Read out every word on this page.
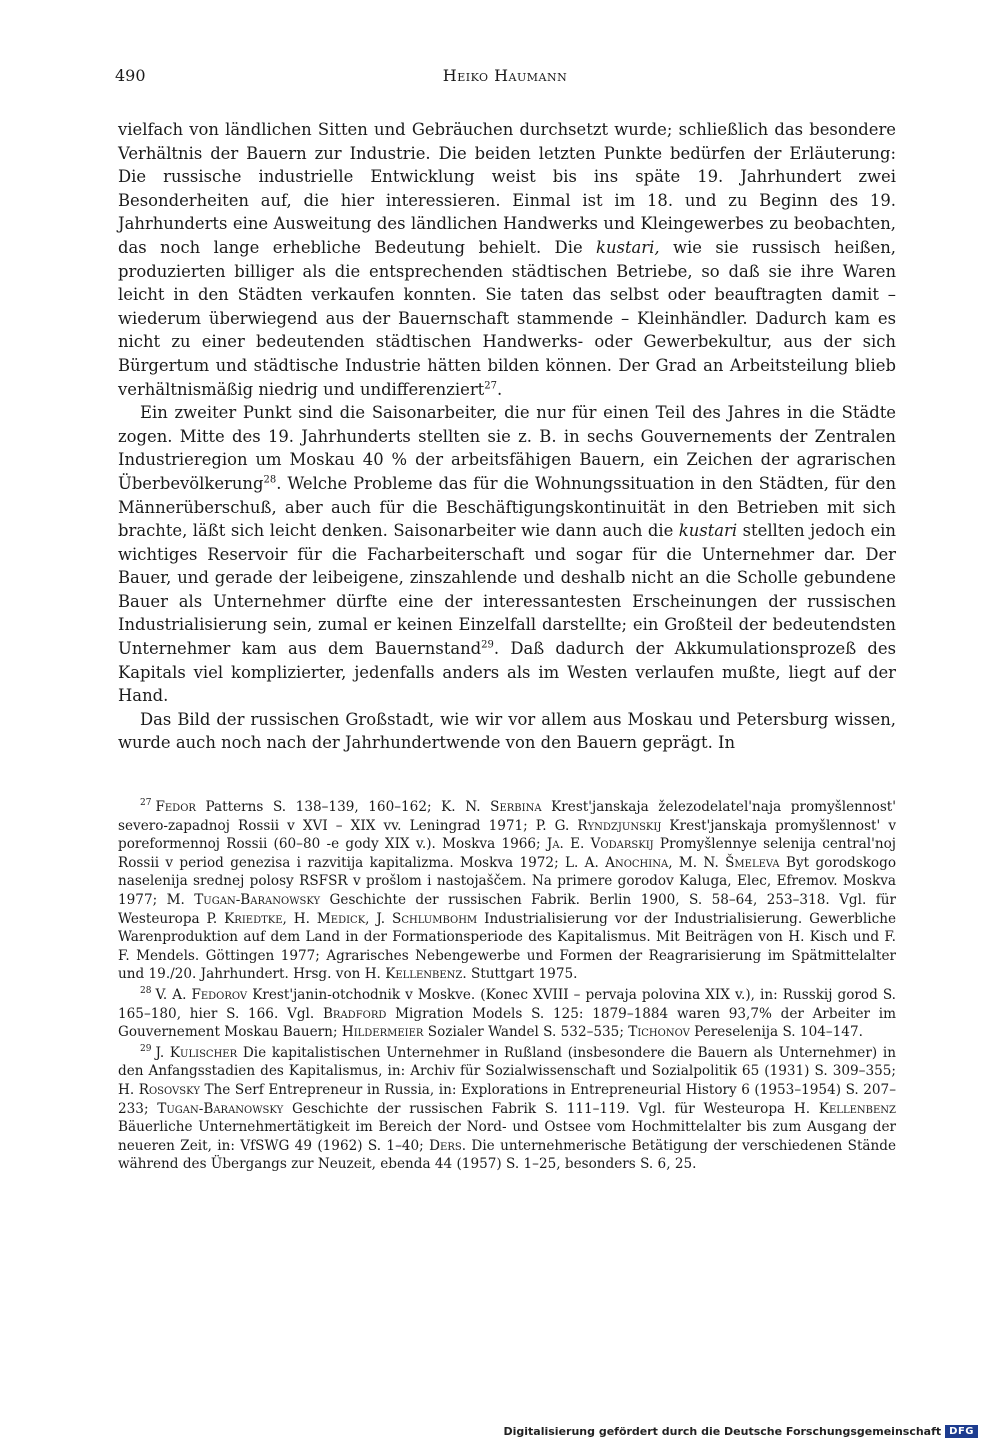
490	Heiko Haumann

vielfach von ländlichen Sitten und Gebräuchen durchsetzt wurde; schließlich das besondere Verhältnis der Bauern zur Industrie. Die beiden letzten Punkte bedürfen der Erläuterung: Die russische industrielle Entwicklung weist bis ins späte 19. Jahrhundert zwei Besonderheiten auf, die hier interessieren. Einmal ist im 18. und zu Beginn des 19. Jahrhunderts eine Ausweitung des ländlichen Handwerks und Kleingewerbes zu beobachten, das noch lange erhebliche Bedeutung behielt. Die kustari, wie sie russisch heißen, produzierten billiger als die entsprechenden städtischen Betriebe, so daß sie ihre Waren leicht in den Städten verkaufen konnten. Sie taten das selbst oder beauftragten damit – wiederum überwiegend aus der Bauernschaft stammende – Kleinhändler. Dadurch kam es nicht zu einer bedeutenden städtischen Handwerks- oder Gewerbekultur, aus der sich Bürgertum und städtische Industrie hätten bilden können. Der Grad an Arbeitsteilung blieb verhältnismäßig niedrig und undifferenziert$^{27}$.

Ein zweiter Punkt sind die Saisonarbeiter, die nur für einen Teil des Jahres in die Städte zogen. Mitte des 19. Jahrhunderts stellten sie z. B. in sechs Gouvernements der Zentralen Industrieregion um Moskau 40 % der arbeitsfähigen Bauern, ein Zeichen der agrarischen Überbevölkerung$^{28}$. Welche Probleme das für die Wohnungssituation in den Städten, für den Männerüberschuß, aber auch für die Beschäftigungskontinuität in den Betrieben mit sich brachte, läßt sich leicht denken. Saisonarbeiter wie dann auch die kustari stellten jedoch ein wichtiges Reservoir für die Facharbeiterschaft und sogar für die Unternehmer dar. Der Bauer, und gerade der leibeigene, zinszahlende und deshalb nicht an die Scholle gebundene Bauer als Unternehmer dürfte eine der interessantesten Erscheinungen der russischen Industrialisierung sein, zumal er keinen Einzelfall darstellte; ein Großteil der bedeutendsten Unternehmer kam aus dem Bauernstand$^{29}$. Daß dadurch der Akkumulationsprozeß des Kapitals viel komplizierter, jedenfalls anders als im Westen verlaufen mußte, liegt auf der Hand.

Das Bild der russischen Großstadt, wie wir vor allem aus Moskau und Petersburg wissen, wurde auch noch nach der Jahrhundertwende von den Bauern geprägt. In

$^{27}$ Fedor Patterns S. 138–139, 160–162; K. N. Serbina Krest'janskaja železodelatel'naja promyšlennost' severo-zapadnoj Rossii v XVI – XIX vv. Leningrad 1971; P. G. Ryndzjunskij Krest'janskaja promyšlennost' v poreformennoj Rossii (60–80 -e gody XIX v.). Moskva 1966; Ja. E. Vodarskij Promyšlennye selenija central'noj Rossii v period genezisa i razvitija kapitalizma. Moskva 1972; L. A. Anochina, M. N. Šmeleva Byt gorodskogo naselenija srednej polosy RSFSR v prošlom i nastojaščem. Na primere gorodov Kaluga, Elec, Efremov. Moskva 1977; M. Tugan-Baranowsky Geschichte der russischen Fabrik. Berlin 1900, S. 58–64, 253–318. Vgl. für Westeuropa P. Kriedtke, H. Medick, J. Schlumbohm Industrialisierung vor der Industrialisierung. Gewerbliche Warenproduktion auf dem Land in der Formationsperiode des Kapitalismus. Mit Beiträgen von H. Kisch und F. F. Mendels. Göttingen 1977; Agrarisches Nebengewerbe und Formen der Reagrarisierung im Spätmittelalter und 19./20. Jahrhundert. Hrsg. von H. Kellenbenz. Stuttgart 1975.

$^{28}$ V. A. Fedorov Krest'janin-otchodnik v Moskve. (Konec XVIII – pervaja polovina XIX v.), in: Russkij gorod S. 165–180, hier S. 166. Vgl. Bradford Migration Models S. 125: 1879–1884 waren 93,7% der Arbeiter im Gouvernement Moskau Bauern; Hildermeier Sozialer Wandel S. 532–535; Tichonov Pereselenija S. 104–147.

$^{29}$ J. Kulischer Die kapitalistischen Unternehmer in Rußland (insbesondere die Bauern als Unternehmer) in den Anfangsstadien des Kapitalismus, in: Archiv für Sozialwissenschaft und Sozialpolitik 65 (1931) S. 309–355; H. Rosovsky The Serf Entrepreneur in Russia, in: Explorations in Entrepreneurial History 6 (1953–1954) S. 207–233; Tugan-Baranowsky Geschichte der russischen Fabrik S. 111–119. Vgl. für Westeuropa H. Kellenbenz Bäuerliche Unternehmertätigkeit im Bereich der Nord- und Ostsee vom Hochmittelalter bis zum Ausgang der neueren Zeit, in: VfSWG 49 (1962) S. 1–40; Ders. Die unternehmerische Betätigung der verschiedenen Stände während des Übergangs zur Neuzeit, ebenda 44 (1957) S. 1–25, besonders S. 6, 25.

Digitalisierung gefördert durch die Deutsche Forschungsgemeinschaft DFG
